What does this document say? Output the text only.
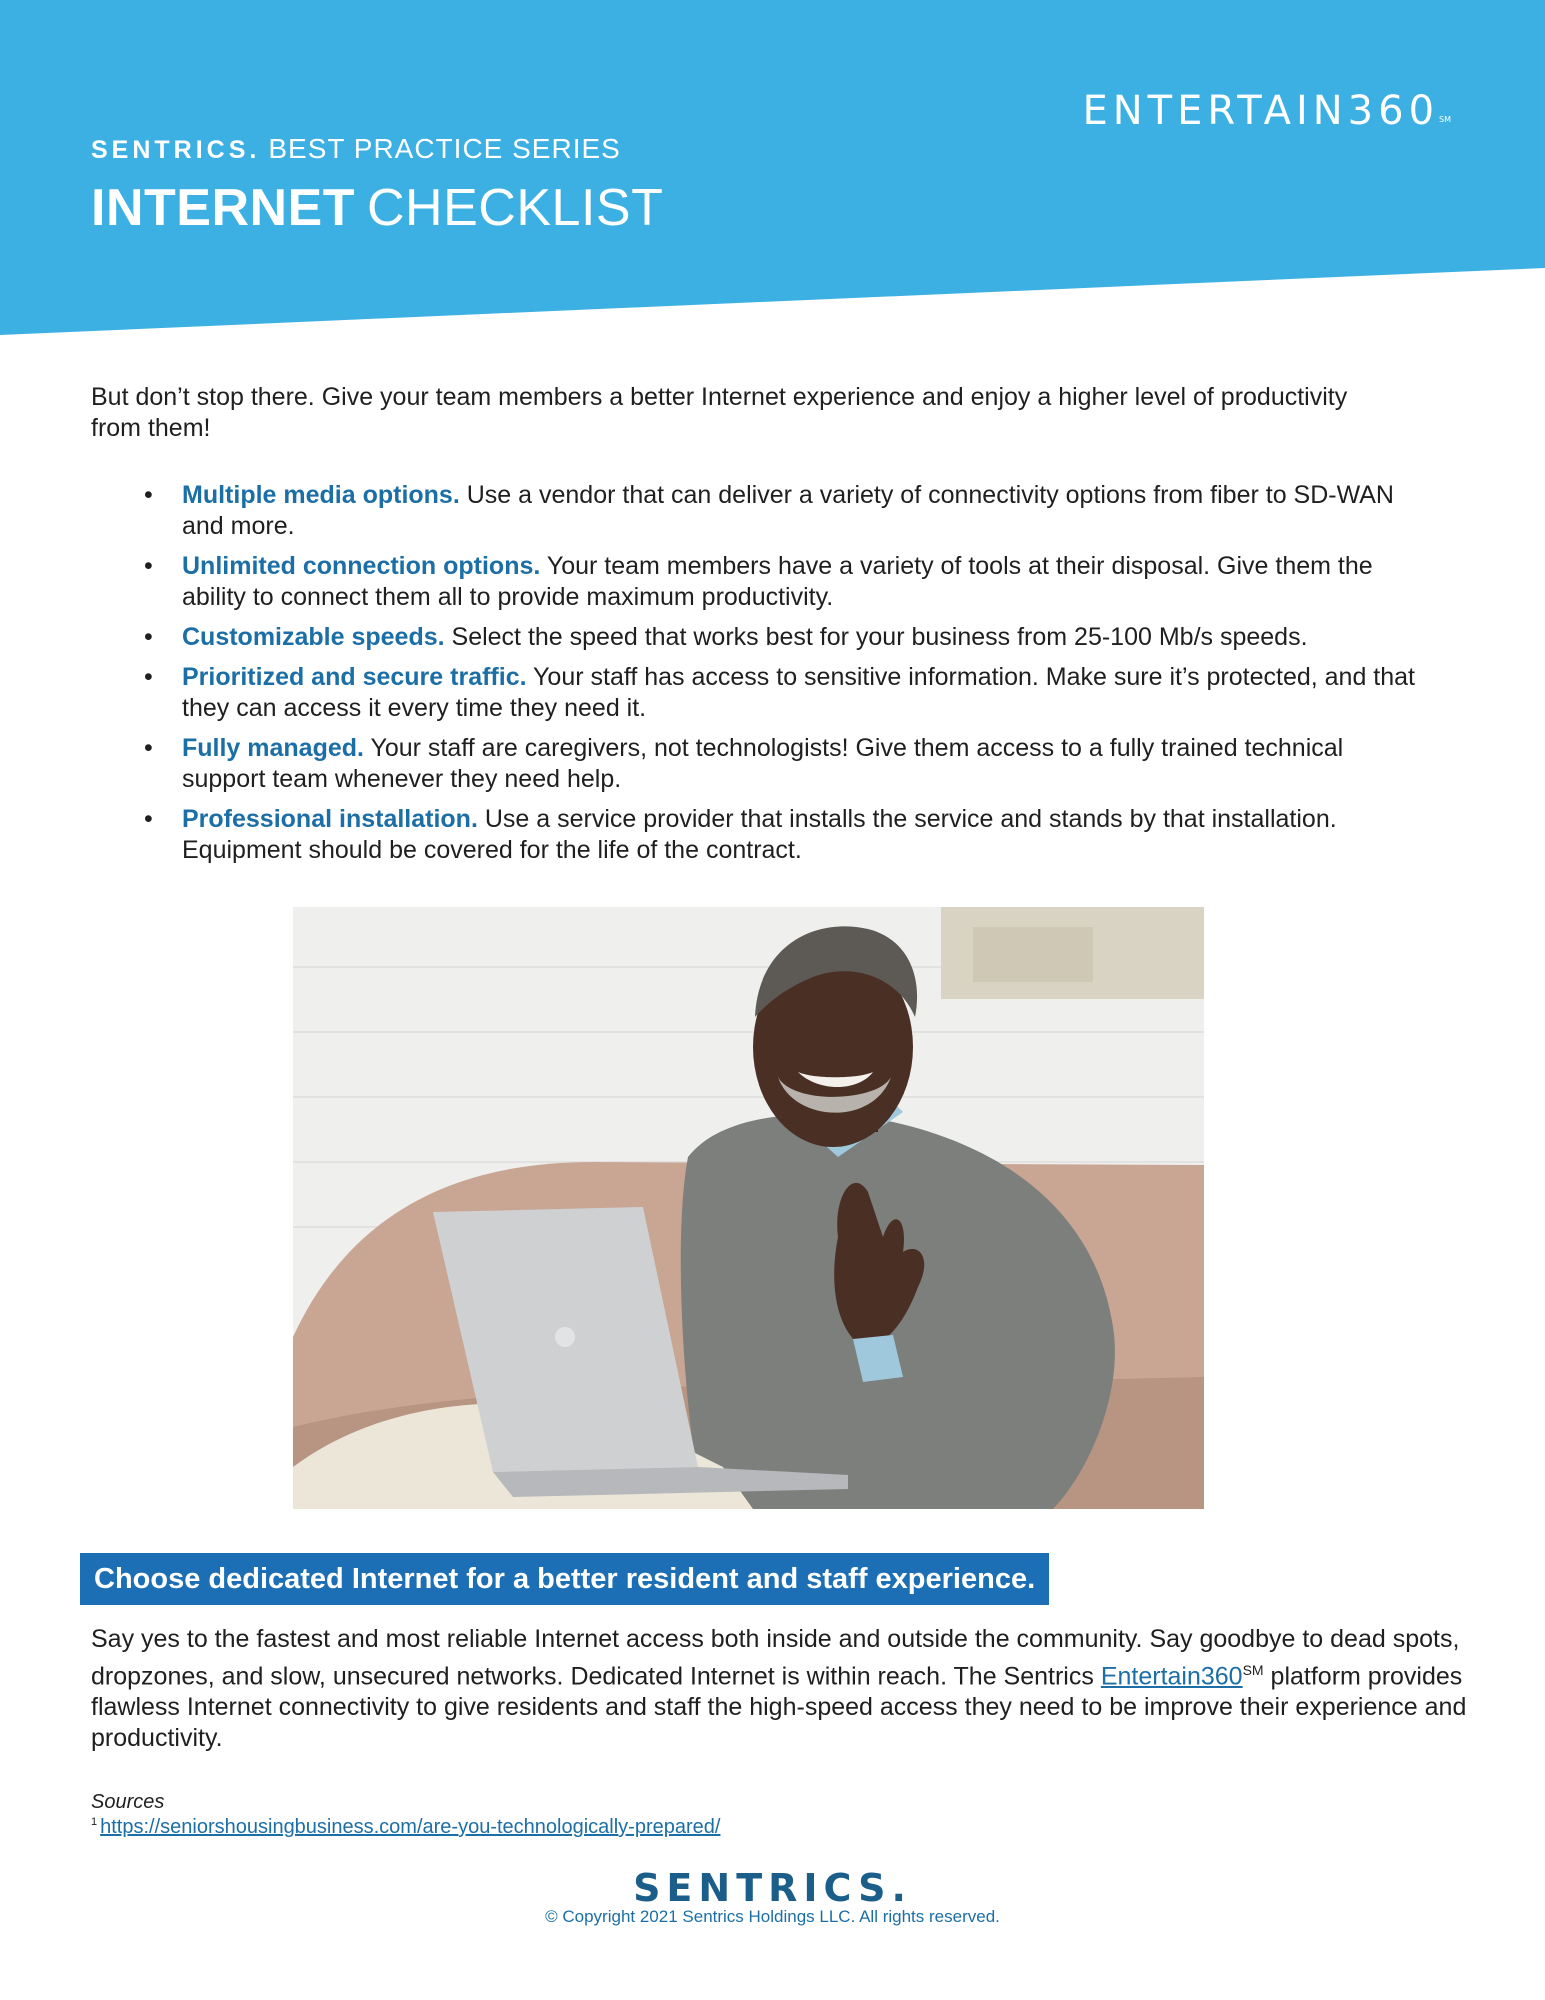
ENTERTAIN360℠
SENTRICS. BEST PRACTICE SERIES
INTERNET CHECKLIST

But don’t stop there. Give your team members a better Internet experience and enjoy a higher level of productivity from them!

• Multiple media options. Use a vendor that can deliver a variety of connectivity options from fiber to SD-WAN and more.
• Unlimited connection options. Your team members have a variety of tools at their disposal. Give them the ability to connect them all to provide maximum productivity.
• Customizable speeds. Select the speed that works best for your business from 25-100 Mb/s speeds.
• Prioritized and secure traffic. Your staff has access to sensitive information. Make sure it’s protected, and that they can access it every time they need it.
• Fully managed. Your staff are caregivers, not technologists! Give them access to a fully trained technical support team whenever they need help.
• Professional installation. Use a service provider that installs the service and stands by that installation. Equipment should be covered for the life of the contract.
Choose dedicated Internet for a better resident and staff experience.

Say yes to the fastest and most reliable Internet access both inside and outside the community. Say goodbye to dead spots, dropzones, and slow, unsecured networks. Dedicated Internet is within reach. The Sentrics Entertain360℠ platform provides flawless Internet connectivity to give residents and staff the high-speed access they need to be improve their experience and productivity.

Sources
$^1$ https://seniorshousingbusiness.com/are-you-technologically-prepared/
SENTRICS.
© Copyright 2021 Sentrics Holdings LLC. All rights reserved.
